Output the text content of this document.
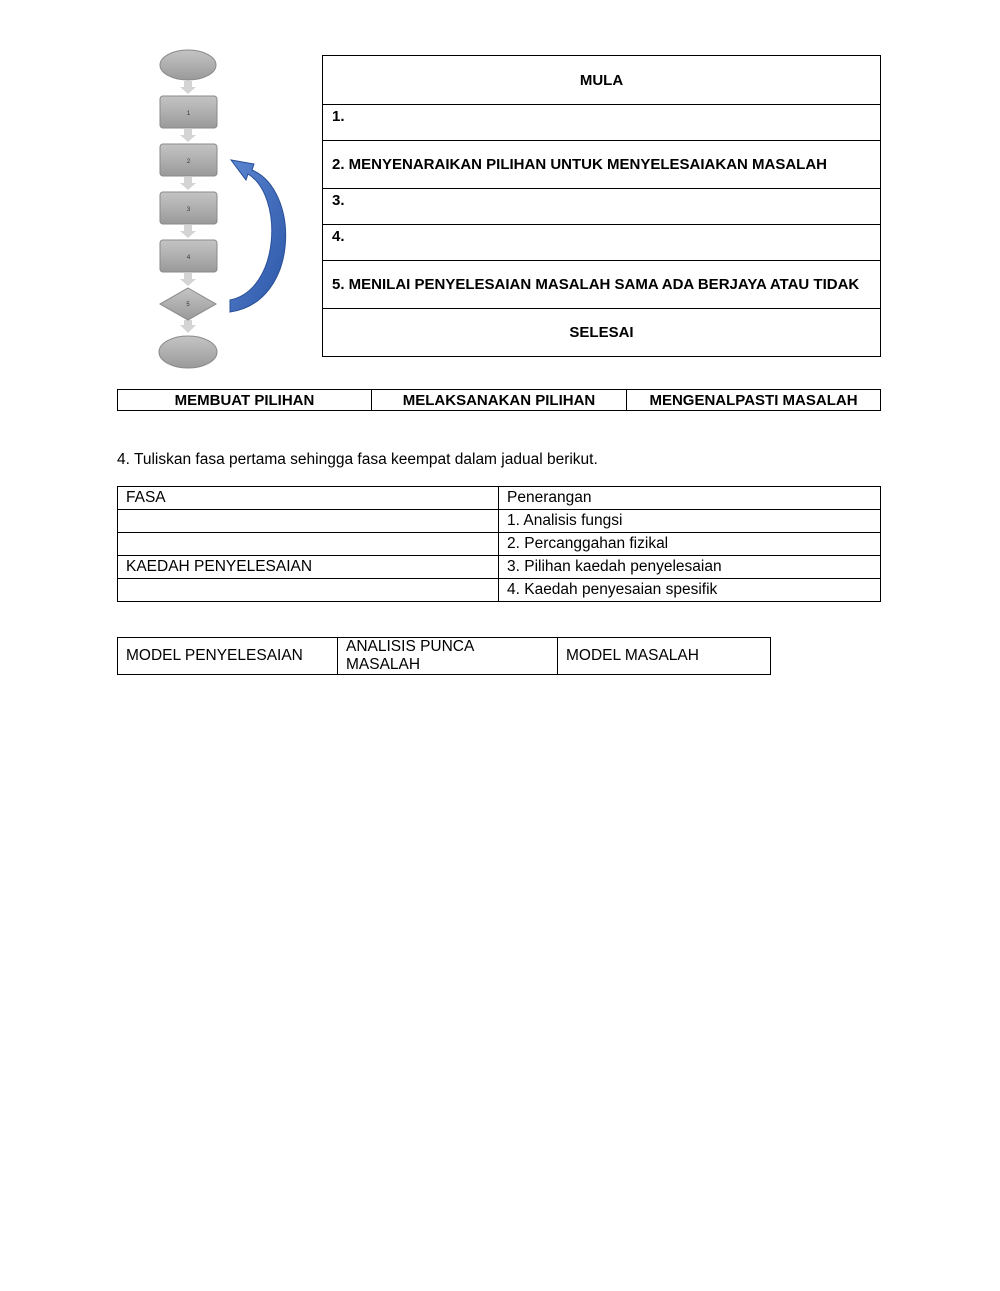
1
2
3
4
5
MULA
1.
2. MENYENARAIKAN PILIHAN UNTUK MENYELESAIAKAN MASALAH
3.
4.
5. MENILAI PENYELESAIAN MASALAH SAMA ADA BERJAYA ATAU TIDAK
SELESAI
MEMBUAT PILIHAN	MELAKSANAKAN PILIHAN	MENGENALPASTI MASALAH
4. Tuliskan fasa pertama sehingga fasa keempat dalam jadual berikut.
FASA	Penerangan
	1. Analisis fungsi
	2. Percanggahan fizikal
KAEDAH PENYELESAIAN	3. Pilihan kaedah penyelesaian
	4. Kaedah penyesaian spesifik
MODEL PENYELESAIAN	ANALISIS PUNCA MASALAH	MODEL MASALAH
